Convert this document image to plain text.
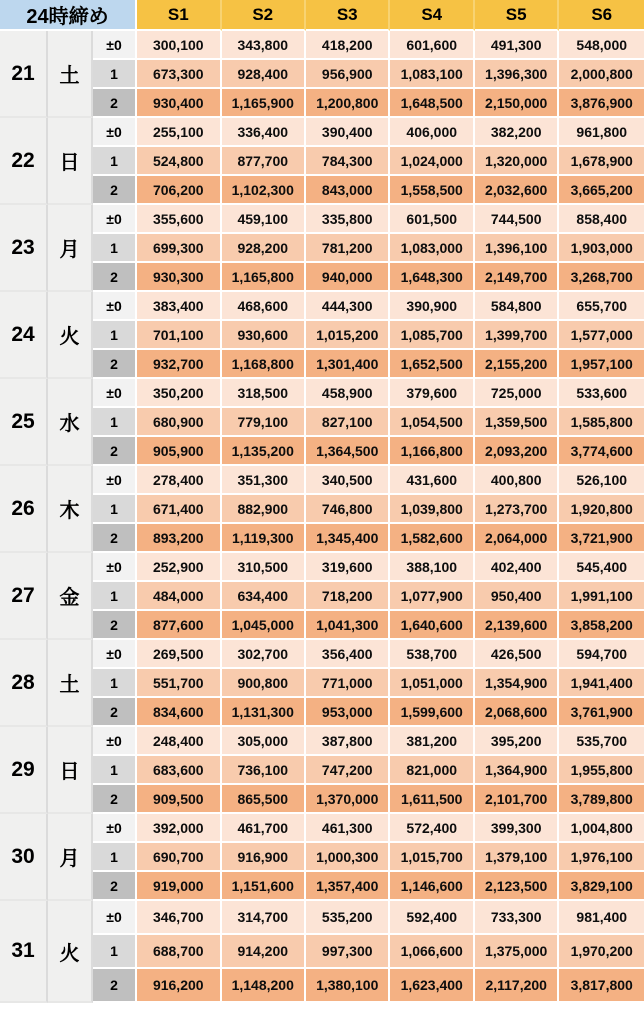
24時締め			S1	S2	S3	S4	S5	S6
21	土	±0	300,100	343,800	418,200	601,600	491,300	548,000
		1	673,300	928,400	956,900	1,083,100	1,396,300	2,000,800
		2	930,400	1,165,900	1,200,800	1,648,500	2,150,000	3,876,900
22	日	±0	255,100	336,400	390,400	406,000	382,200	961,800
		1	524,800	877,700	784,300	1,024,000	1,320,000	1,678,900
		2	706,200	1,102,300	843,000	1,558,500	2,032,600	3,665,200
23	月	±0	355,600	459,100	335,800	601,500	744,500	858,400
		1	699,300	928,200	781,200	1,083,000	1,396,100	1,903,000
		2	930,300	1,165,800	940,000	1,648,300	2,149,700	3,268,700
24	火	±0	383,400	468,600	444,300	390,900	584,800	655,700
		1	701,100	930,600	1,015,200	1,085,700	1,399,700	1,577,000
		2	932,700	1,168,800	1,301,400	1,652,500	2,155,200	1,957,100
25	水	±0	350,200	318,500	458,900	379,600	725,000	533,600
		1	680,900	779,100	827,100	1,054,500	1,359,500	1,585,800
		2	905,900	1,135,200	1,364,500	1,166,800	2,093,200	3,774,600
26	木	±0	278,400	351,300	340,500	431,600	400,800	526,100
		1	671,400	882,900	746,800	1,039,800	1,273,700	1,920,800
		2	893,200	1,119,300	1,345,400	1,582,600	2,064,000	3,721,900
27	金	±0	252,900	310,500	319,600	388,100	402,400	545,400
		1	484,000	634,400	718,200	1,077,900	950,400	1,991,100
		2	877,600	1,045,000	1,041,300	1,640,600	2,139,600	3,858,200
28	土	±0	269,500	302,700	356,400	538,700	426,500	594,700
		1	551,700	900,800	771,000	1,051,000	1,354,900	1,941,400
		2	834,600	1,131,300	953,000	1,599,600	2,068,600	3,761,900
29	日	±0	248,400	305,000	387,800	381,200	395,200	535,700
		1	683,600	736,100	747,200	821,000	1,364,900	1,955,800
		2	909,500	865,500	1,370,000	1,611,500	2,101,700	3,789,800
30	月	±0	392,000	461,700	461,300	572,400	399,300	1,004,800
		1	690,700	916,900	1,000,300	1,015,700	1,379,100	1,976,100
		2	919,000	1,151,600	1,357,400	1,146,600	2,123,500	3,829,100
31	火	±0	346,700	314,700	535,200	592,400	733,300	981,400
		1	688,700	914,200	997,300	1,066,600	1,375,000	1,970,200
		2	916,200	1,148,200	1,380,100	1,623,400	2,117,200	3,817,800
